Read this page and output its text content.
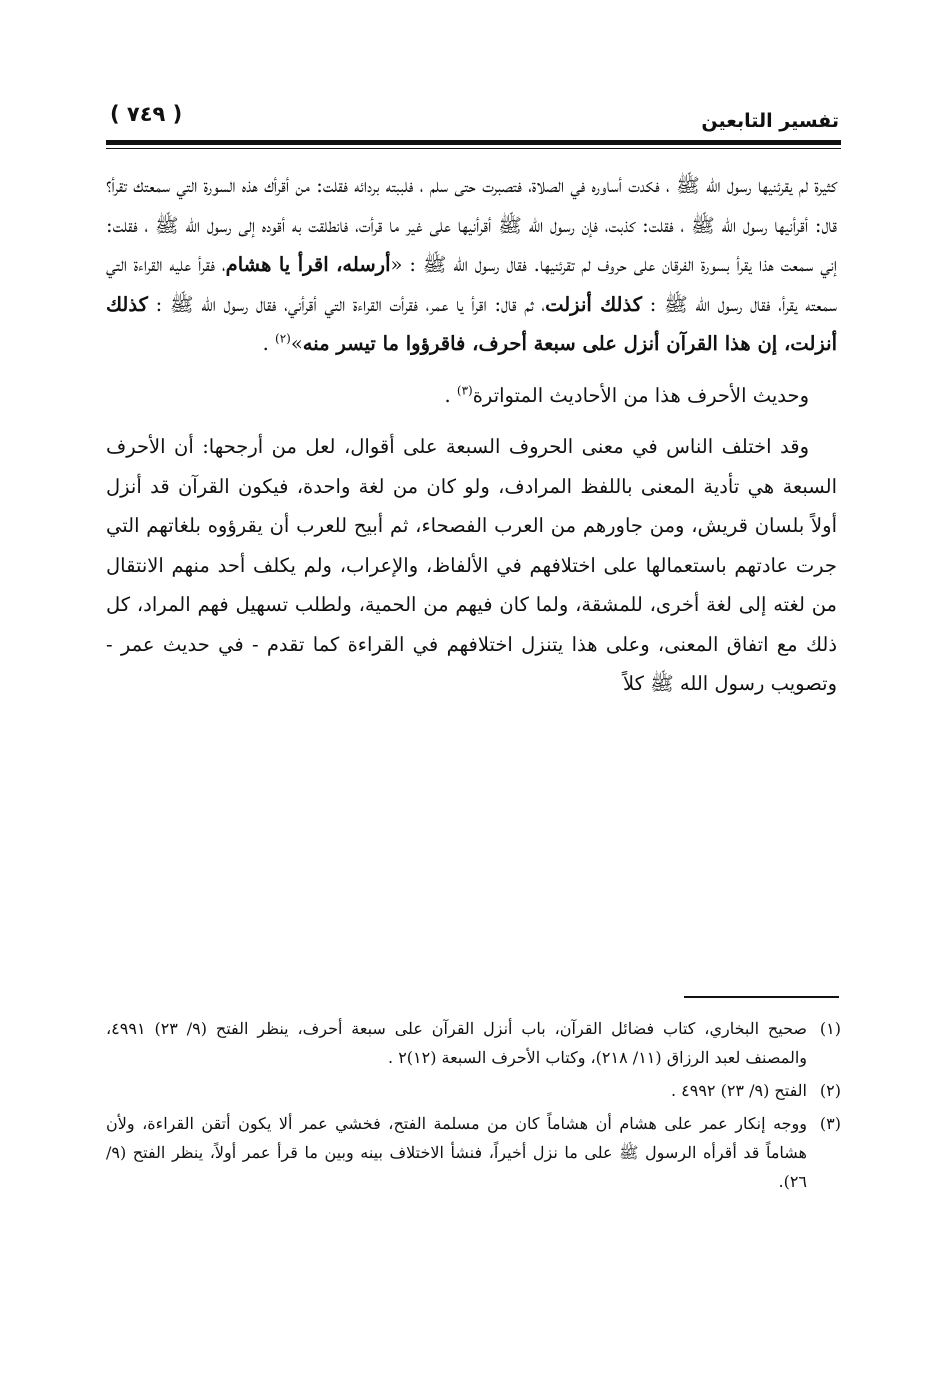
تفسير التابعين
( ٧٤٩ )

كثيرة لم يقرئنيها رسول الله ﷺ ، فكدت أساوره في الصلاة، فتصبرت حتى سلم ، فلببته بردائه فقلت: من أقرأك هذه السورة التي سمعتك تقرأ؟ قال: أقرأنيها رسول الله ﷺ ، فقلت: كذبت، فإن رسول الله ﷺ أقرأنيها على غير ما قرأت، فانطلقت به أقوده إلى رسول الله ﷺ ، فقلت: إني سمعت هذا يقرأ بسورة الفرقان على حروف لم تقرئنيها. فقال رسول الله ﷺ : «أرسله، اقرأ يا هشام، فقرأ عليه القراءة التي سمعته يقرأ، فقال رسول الله ﷺ : كذلك أنزلت، ثم قال: اقرأ يا عمر، فقرأت القراءة التي أقرأني، فقال رسول الله ﷺ : كذلك أنزلت، إن هذا القرآن أنزل على سبعة أحرف، فاقرؤوا ما تيسر منه»$^{(٢)}$ .

وحديث الأحرف هذا من الأحاديث المتواترة$^{(٣)}$ .

وقد اختلف الناس في معنى الحروف السبعة على أقوال، لعل من أرجحها: أن الأحرف السبعة هي تأدية المعنى باللفظ المرادف، ولو كان من لغة واحدة، فيكون القرآن قد أنزل أولاً بلسان قريش، ومن جاورهم من العرب الفصحاء، ثم أبيح للعرب أن يقرؤوه بلغاتهم التي جرت عادتهم باستعمالها على اختلافهم في الألفاظ، والإعراب، ولم يكلف أحد منهم الانتقال من لغته إلى لغة أخرى، للمشقة، ولما كان فيهم من الحمية، ولطلب تسهيل فهم المراد، كل ذلك مع اتفاق المعنى، وعلى هذا يتنزل اختلافهم في القراءة كما تقدم - في حديث عمر - وتصويب رسول الله ﷺ كلاً

(١)
صحيح البخاري، كتاب فضائل القرآن، باب أنزل القرآن على سبعة أحرف، ينظر الفتح (٩/ ٢٣) ٤٩٩١، والمصنف لعبد الرزاق (١١/ ٢١٨)، وكتاب الأحرف السبعة (١٢)٢ .
(٢)
الفتح (٩/ ٢٣) ٤٩٩٢ .
(٣)
ووجه إنكار عمر على هشام أن هشاماً كان من مسلمة الفتح، فخشي عمر ألا يكون أتقن القراءة، ولأن هشاماً قد أقرأه الرسول ﷺ على ما نزل أخيراً، فنشأ الاختلاف بينه وبين ما قرأ عمر أولاً، ينظر الفتح (٩/ ٢٦).
